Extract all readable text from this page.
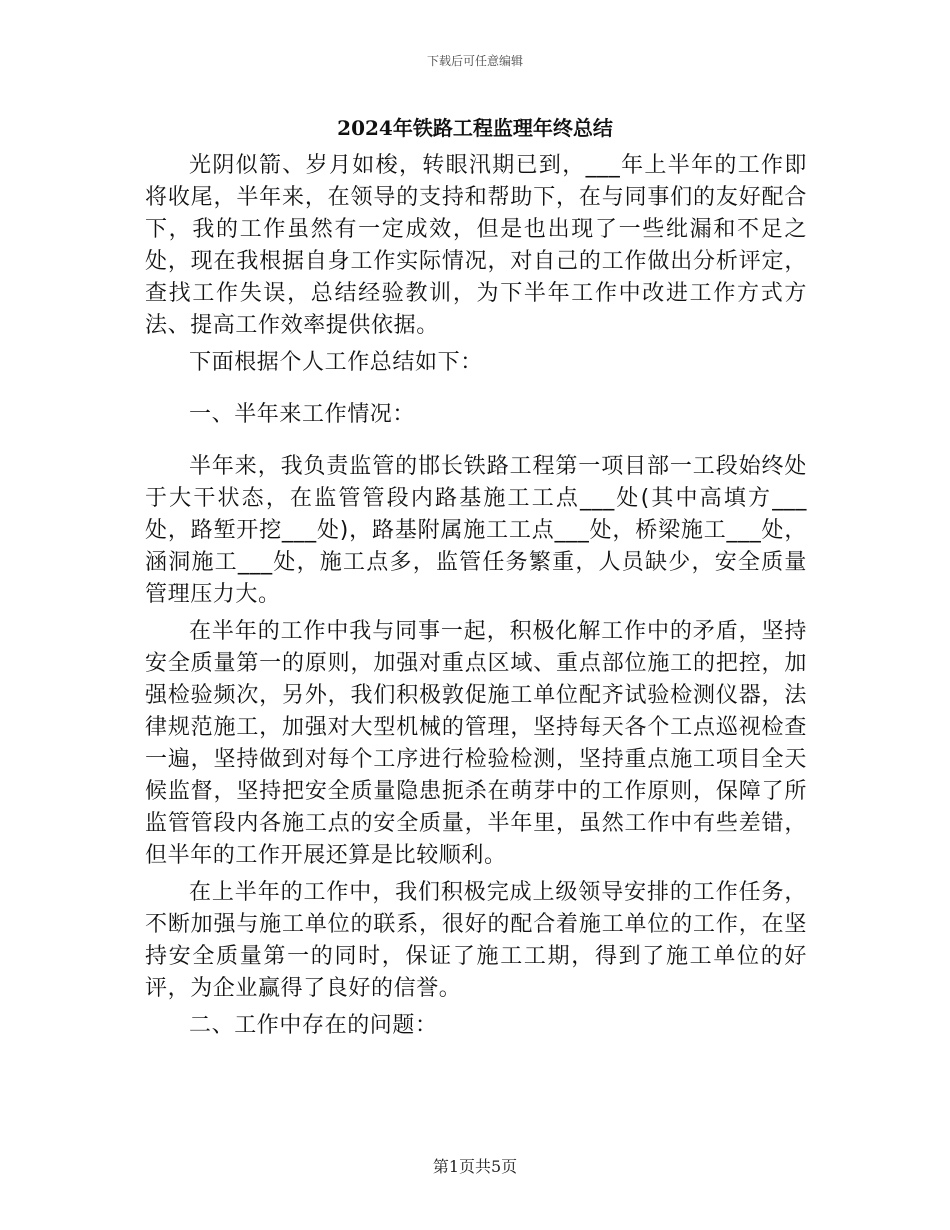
下载后可任意编辑
2024年铁路工程监理年终总结

光阴似箭、岁月如梭，转眼汛期已到，___年上半年的工作即将收尾，半年来，在领导的支持和帮助下，在与同事们的友好配合下，我的工作虽然有一定成效，但是也出现了一些纰漏和不足之处，现在我根据自身工作实际情况，对自己的工作做出分析评定，查找工作失误，总结经验教训，为下半年工作中改进工作方式方法、提高工作效率提供依据。

下面根据个人工作总结如下：

一、半年来工作情况：

半年来，我负责监管的邯长铁路工程第一项目部一工段始终处于大干状态，在监管管段内路基施工工点___处(其中高填方___处，路堑开挖___处)，路基附属施工工点___处，桥梁施工___处，涵洞施工___处，施工点多，监管任务繁重，人员缺少，安全质量管理压力大。

在半年的工作中我与同事一起，积极化解工作中的矛盾，坚持安全质量第一的原则，加强对重点区域、重点部位施工的把控，加强检验频次，另外，我们积极敦促施工单位配齐试验检测仪器，法律规范施工，加强对大型机械的管理，坚持每天各个工点巡视检查一遍，坚持做到对每个工序进行检验检测，坚持重点施工项目全天候监督，坚持把安全质量隐患扼杀在萌芽中的工作原则，保障了所监管管段内各施工点的安全质量，半年里，虽然工作中有些差错，但半年的工作开展还算是比较顺利。

在上半年的工作中，我们积极完成上级领导安排的工作任务，不断加强与施工单位的联系，很好的配合着施工单位的工作，在坚持安全质量第一的同时，保证了施工工期，得到了施工单位的好评，为企业赢得了良好的信誉。

二、工作中存在的问题：

第1页共5页
